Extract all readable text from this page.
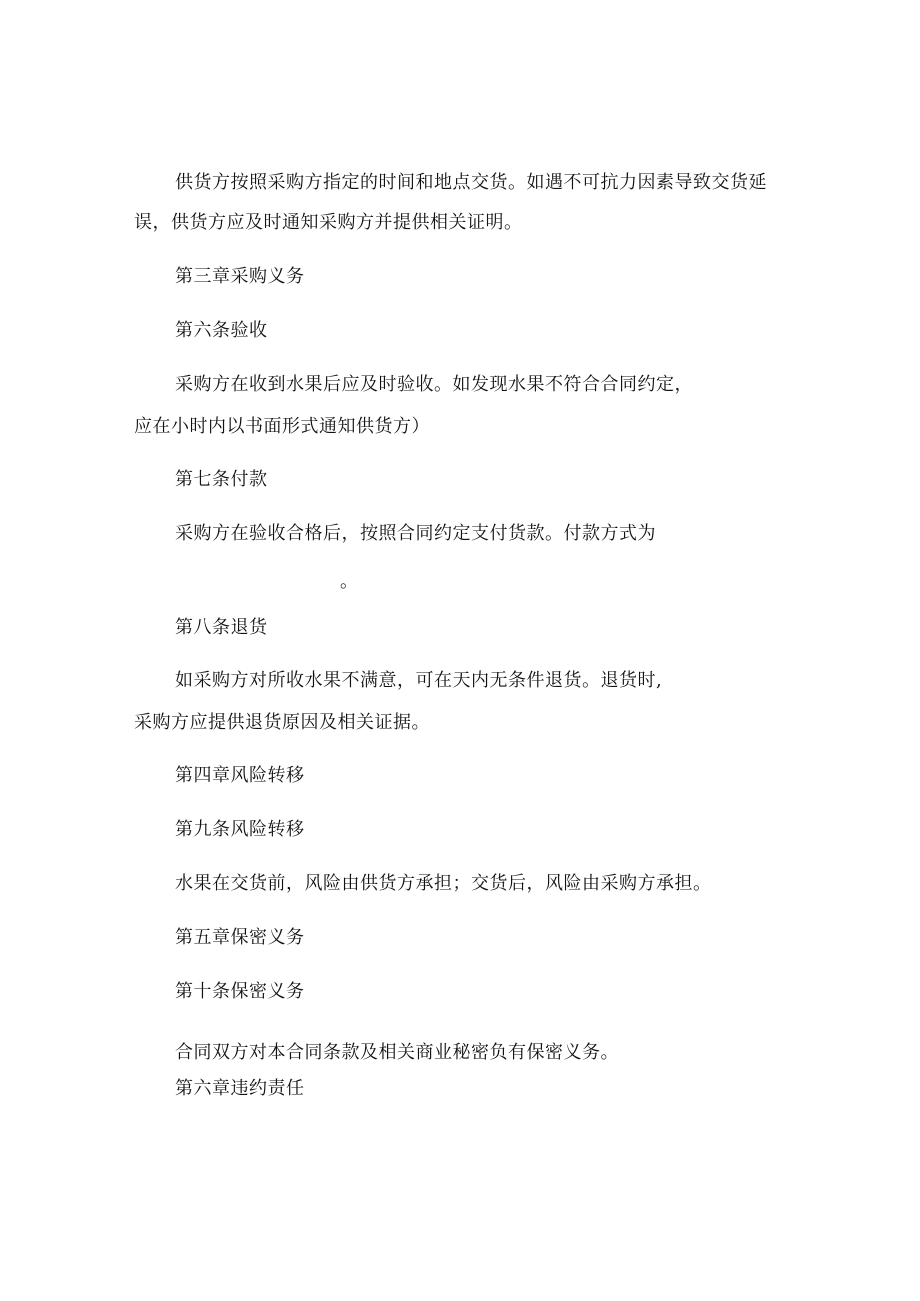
供货方按照采购方指定的时间和地点交货。如遇不可抗力因素导致交货延
误，供货方应及时通知采购方并提供相关证明。
第三章采购义务
第六条验收
采购方在收到水果后应及时验收。如发现水果不符合合同约定，
应在小时内以书面形式通知供货方）
第七条付款
采购方在验收合格后，按照合同约定支付货款。付款方式为
。
第八条退货
如采购方对所收水果不满意，可在天内无条件退货。退货时,
采购方应提供退货原因及相关证据。
第四章风险转移
第九条风险转移
水果在交货前，风险由供货方承担；交货后，风险由采购方承担。
第五章保密义务
第十条保密义务
合同双方对本合同条款及相关商业秘密负有保密义务。
第六章违约责任
